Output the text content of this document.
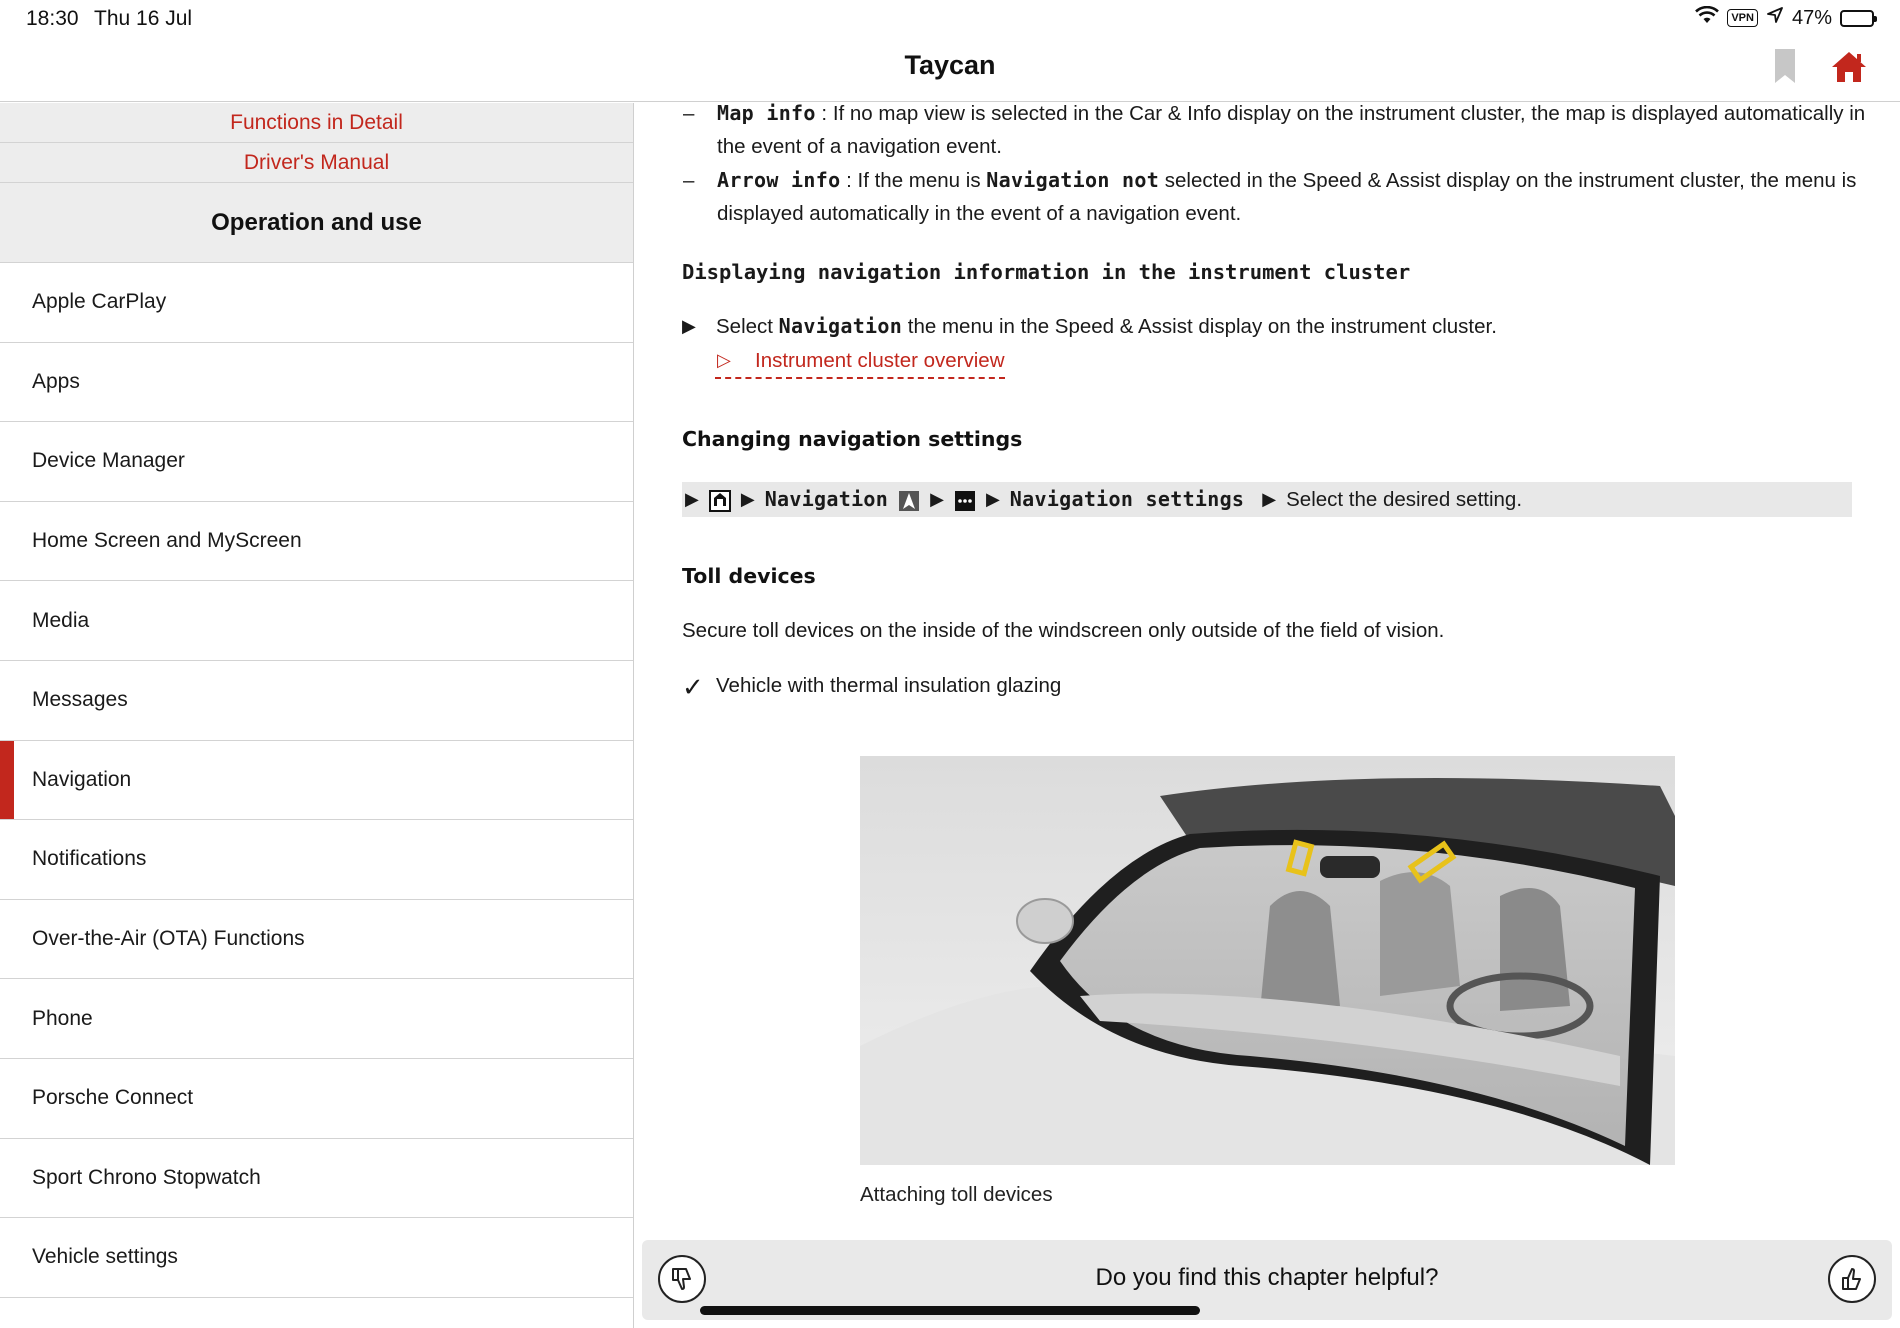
18:30 Thu 16 Jul	VPN 47%
Taycan
Functions in Detail
Driver's Manual
Operation and use
Apple CarPlay
Apps
Device Manager
Home Screen and MyScreen
Media
Messages
Navigation
Notifications
Over-the-Air (OTA) Functions
Phone
Porsche Connect
Sport Chrono Stopwatch
Vehicle settings
– Map info : If no map view is selected in the Car & Info display on the instrument cluster, the map is displayed automatically in
the event of a navigation event.
– Arrow info : If the menu is Navigation not selected in the Speed & Assist display on the instrument cluster, the menu is
displayed automatically in the event of a navigation event.
Displaying navigation information in the instrument cluster
▶ Select Navigation the menu in the Speed & Assist display on the instrument cluster.
▷ Instrument cluster overview
Changing navigation settings
▶ ▶ Navigation ▶ ▶ Navigation settings ▶ Select the desired setting.
Toll devices
Secure toll devices on the inside of the windscreen only outside of the field of vision.
✓ Vehicle with thermal insulation glazing
Attaching toll devices
Do you find this chapter helpful?
